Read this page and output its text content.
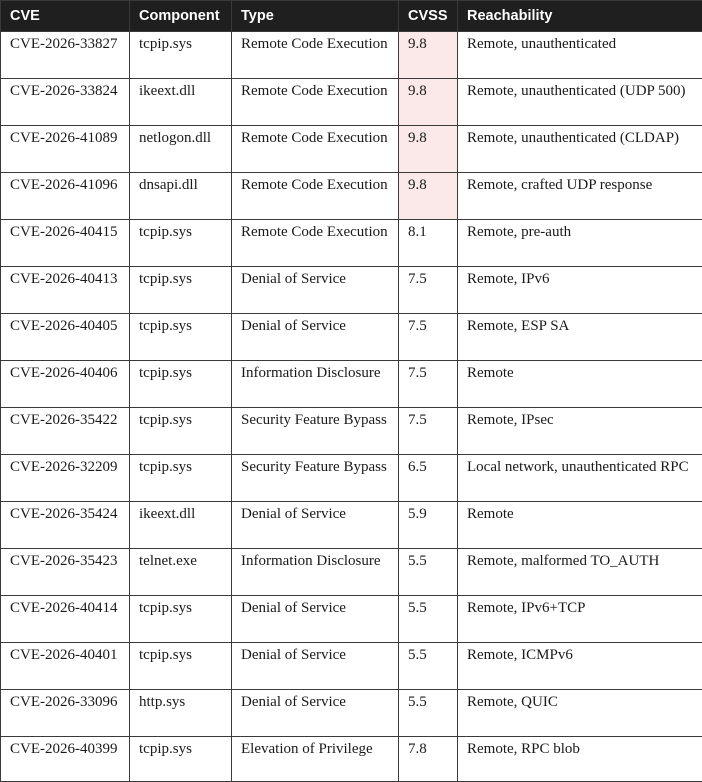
CVE	Component	Type	CVSS	Reachability
CVE-2026-33827	tcpip.sys	Remote Code Execution	9.8	Remote, unauthenticated
CVE-2026-33824	ikeext.dll	Remote Code Execution	9.8	Remote, unauthenticated (UDP 500)
CVE-2026-41089	netlogon.dll	Remote Code Execution	9.8	Remote, unauthenticated (CLDAP)
CVE-2026-41096	dnsapi.dll	Remote Code Execution	9.8	Remote, crafted UDP response
CVE-2026-40415	tcpip.sys	Remote Code Execution	8.1	Remote, pre-auth
CVE-2026-40413	tcpip.sys	Denial of Service	7.5	Remote, IPv6
CVE-2026-40405	tcpip.sys	Denial of Service	7.5	Remote, ESP SA
CVE-2026-40406	tcpip.sys	Information Disclosure	7.5	Remote
CVE-2026-35422	tcpip.sys	Security Feature Bypass	7.5	Remote, IPsec
CVE-2026-32209	tcpip.sys	Security Feature Bypass	6.5	Local network, unauthenticated RPC
CVE-2026-35424	ikeext.dll	Denial of Service	5.9	Remote
CVE-2026-35423	telnet.exe	Information Disclosure	5.5	Remote, malformed TO_AUTH
CVE-2026-40414	tcpip.sys	Denial of Service	5.5	Remote, IPv6+TCP
CVE-2026-40401	tcpip.sys	Denial of Service	5.5	Remote, ICMPv6
CVE-2026-33096	http.sys	Denial of Service	5.5	Remote, QUIC
CVE-2026-40399	tcpip.sys	Elevation of Privilege	7.8	Remote, RPC blob
